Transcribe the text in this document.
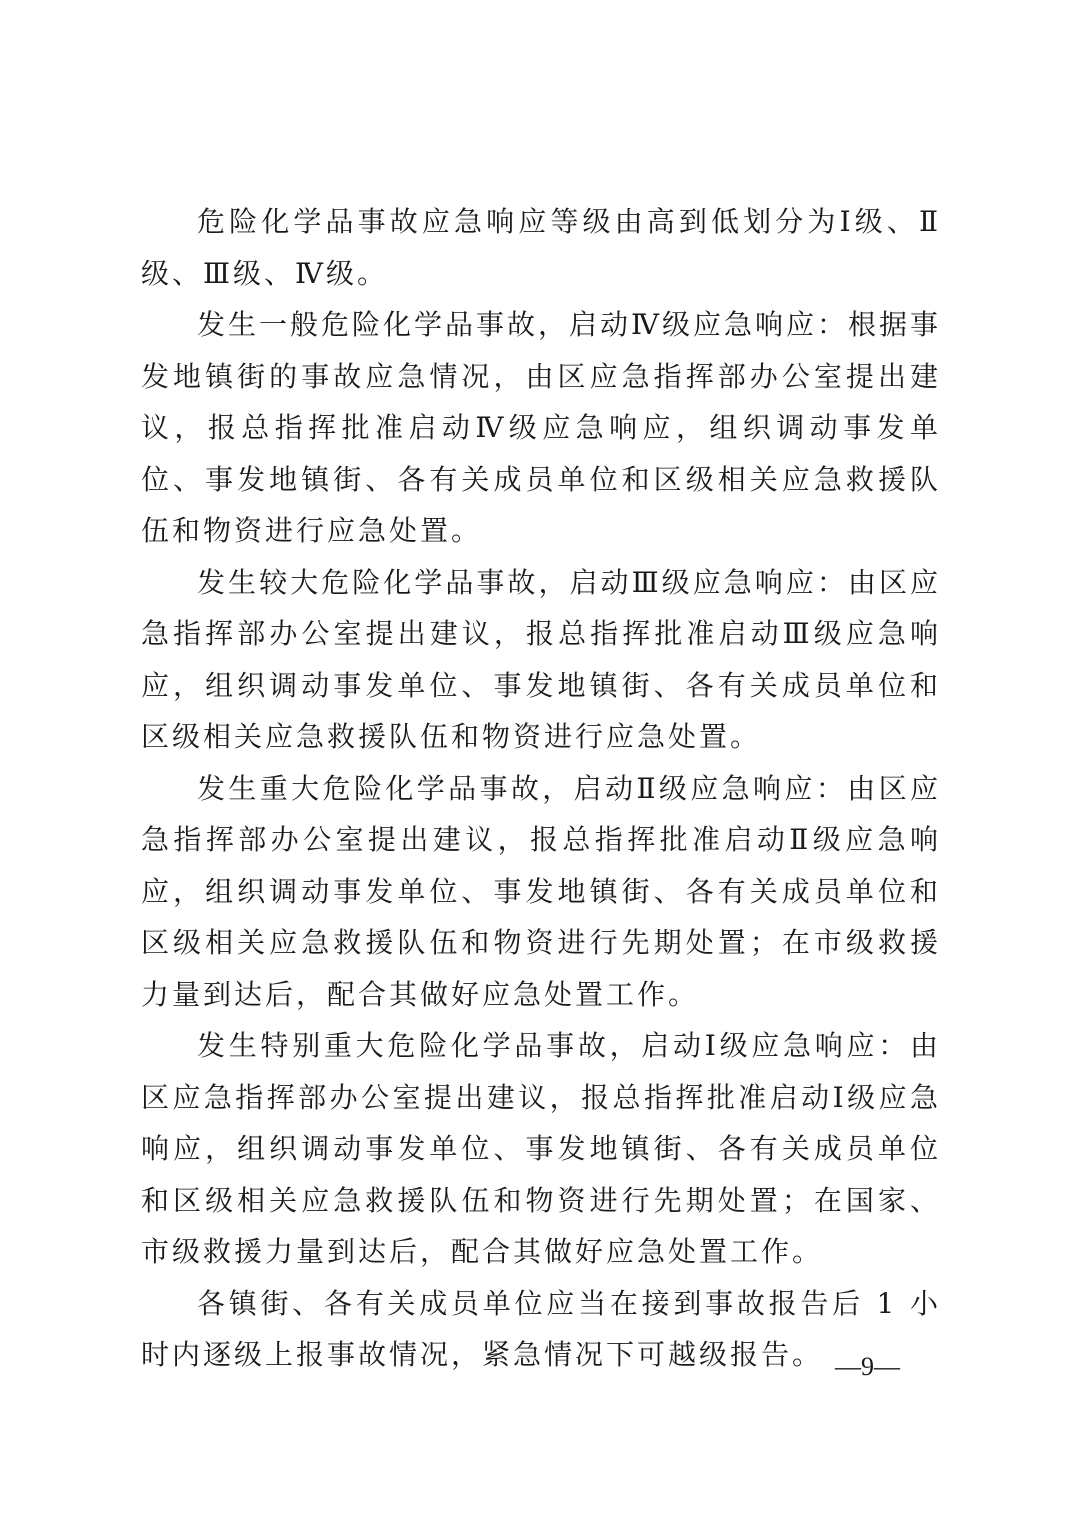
危险化学品事故应急响应等级由高到低划分为Ⅰ级、Ⅱ级、Ⅲ级、Ⅳ级。

发生一般危险化学品事故，启动Ⅳ级应急响应：根据事发地镇街的事故应急情况，由区应急指挥部办公室提出建议，报总指挥批准启动Ⅳ级应急响应，组织调动事发单位、事发地镇街、各有关成员单位和区级相关应急救援队伍和物资进行应急处置。

发生较大危险化学品事故，启动Ⅲ级应急响应：由区应急指挥部办公室提出建议，报总指挥批准启动Ⅲ级应急响应，组织调动事发单位、事发地镇街、各有关成员单位和区级相关应急救援队伍和物资进行应急处置。

发生重大危险化学品事故，启动Ⅱ级应急响应：由区应急指挥部办公室提出建议，报总指挥批准启动Ⅱ级应急响应，组织调动事发单位、事发地镇街、各有关成员单位和区级相关应急救援队伍和物资进行先期处置；在市级救援力量到达后，配合其做好应急处置工作。

发生特别重大危险化学品事故，启动Ⅰ级应急响应：由区应急指挥部办公室提出建议，报总指挥批准启动Ⅰ级应急响应，组织调动事发单位、事发地镇街、各有关成员单位和区级相关应急救援队伍和物资进行先期处置；在国家、市级救援力量到达后，配合其做好应急处置工作。

各镇街、各有关成员单位应当在接到事故报告后 1 小时内逐级上报事故情况，紧急情况下可越级报告。 —9—
